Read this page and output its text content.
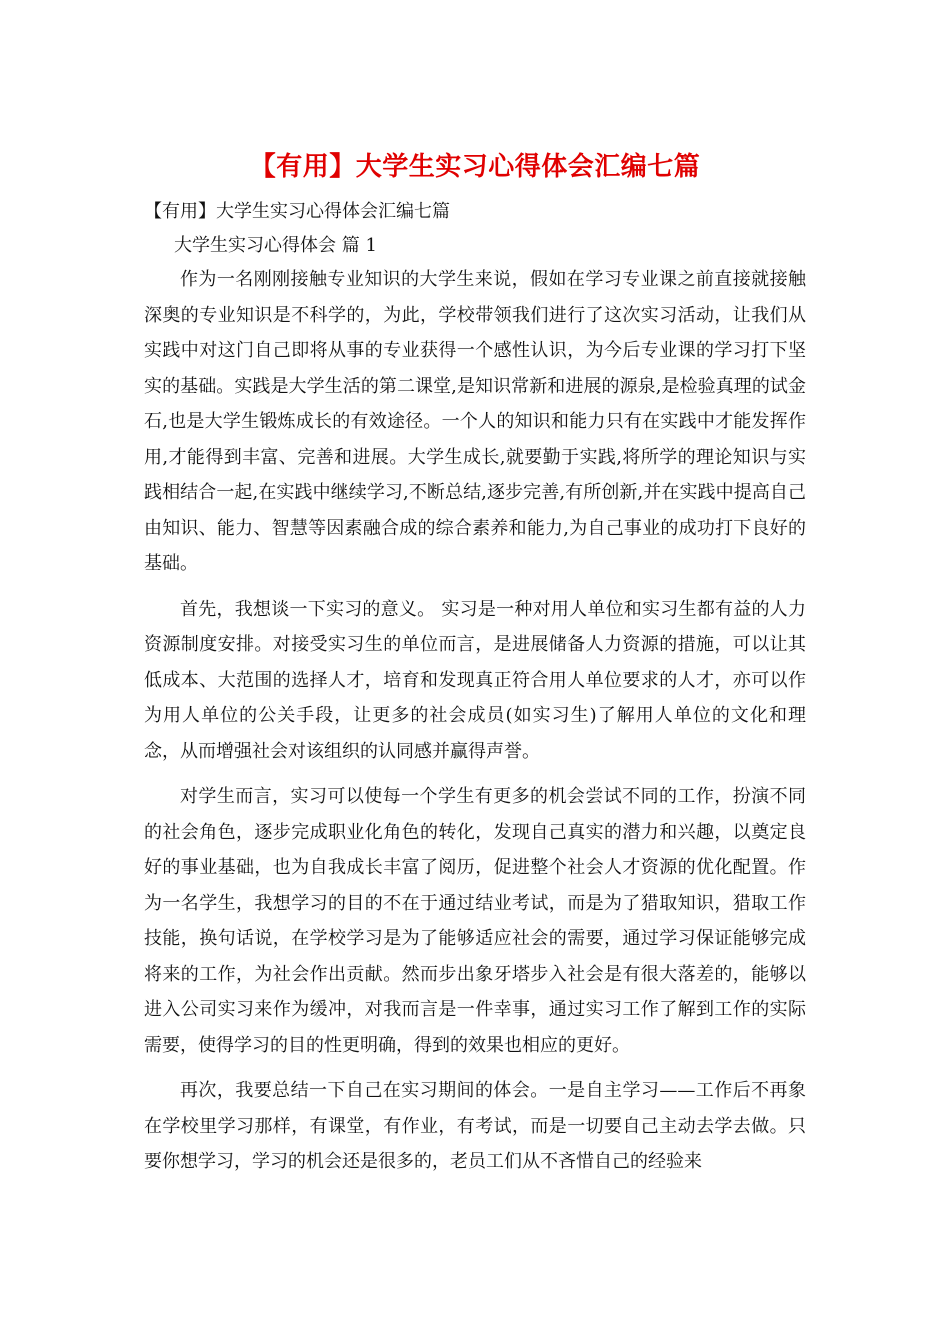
【有用】大学生实习心得体会汇编七篇

【有用】大学生实习心得体会汇编七篇

大学生实习心得体会 篇 1

作为一名刚刚接触专业知识的大学生来说，假如在学习专业课之前直接就接触深奥的专业知识是不科学的，为此，学校带领我们进行了这次实习活动，让我们从实践中对这门自己即将从事的专业获得一个感性认识，为今后专业课的学习打下坚实的基础。实践是大学生活的第二课堂,是知识常新和进展的源泉,是检验真理的试金石,也是大学生锻炼成长的有效途径。一个人的知识和能力只有在实践中才能发挥作用,才能得到丰富、完善和进展。大学生成长,就要勤于实践,将所学的理论知识与实践相结合一起,在实践中继续学习,不断总结,逐步完善,有所创新,并在实践中提高自己由知识、能力、智慧等因素融合成的综合素养和能力,为自己事业的成功打下良好的基础。

首先，我想谈一下实习的意义。 实习是一种对用人单位和实习生都有益的人力资源制度安排。对接受实习生的单位而言，是进展储备人力资源的措施，可以让其低成本、大范围的选择人才，培育和发现真正符合用人单位要求的人才，亦可以作为用人单位的公关手段，让更多的社会成员(如实习生)了解用人单位的文化和理念，从而增强社会对该组织的认同感并赢得声誉。

对学生而言，实习可以使每一个学生有更多的机会尝试不同的工作，扮演不同的社会角色，逐步完成职业化角色的转化，发现自己真实的潜力和兴趣，以奠定良好的事业基础，也为自我成长丰富了阅历，促进整个社会人才资源的优化配置。作为一名学生，我想学习的目的不在于通过结业考试，而是为了猎取知识，猎取工作技能，换句话说，在学校学习是为了能够适应社会的需要，通过学习保证能够完成将来的工作，为社会作出贡献。然而步出象牙塔步入社会是有很大落差的，能够以进入公司实习来作为缓冲，对我而言是一件幸事，通过实习工作了解到工作的实际需要，使得学习的目的性更明确，得到的效果也相应的更好。

再次，我要总结一下自己在实习期间的体会。一是自主学习——工作后不再象在学校里学习那样，有课堂，有作业，有考试，而是一切要自己主动去学去做。只要你想学习，学习的机会还是很多的，老员工们从不吝惜自己的经验来
